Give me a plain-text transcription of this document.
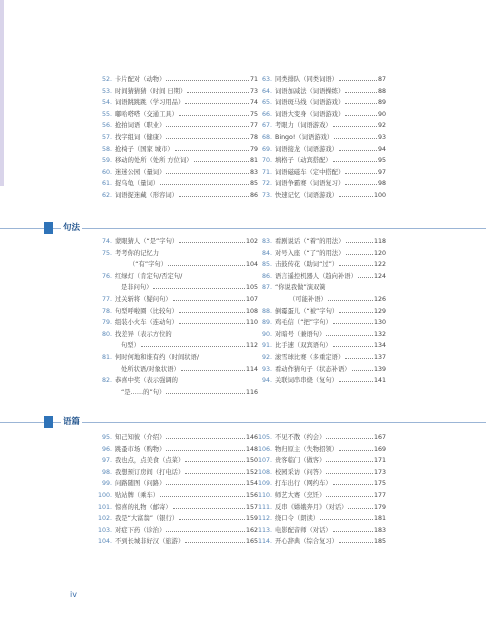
52. 卡片配对（动物）	71
53. 时间猜猜猜（时间 日期）	73
54. 词语跳跳跳（学习用品）	74
55. 嘟哈嗒嗒（交通工具）	75
56. 抢拍词语（职业）	77
57. 找字组词（健康）	78
58. 抢椅子（国家 城市）	79
59. 移动的处所（处所 方位词）	81
60. 迷迷公园（量词）	83
61. 捉乌龟（量词）	85
62. 词语捉迷藏（形容词）	86
63. 同类排队（同类词语）	87
64. 词语加减法（词语操练）	88
65. 词语斑马线（词语游戏）	89
66. 词语大变身（词语游戏）	90
67. 考眼力（词语游戏）	92
68. Bingo!（词语游戏）	93
69. 词语接龙（词语游戏）	94
70. 填格子（动宾搭配）	95
71. 词语磁磁车（定中搭配）	97
72. 词语争霸赛（词语复习）	98
73. 快速记忆（词语游戏）	100
句法
74. 蒙眼猜人（“是”字句）	102
75. 考考你的记忆力
（“有”字句）	104
76. 红绿灯（肯定句/否定句/
是非问句）	105
77. 过关斩将（疑问句）	107
78. 句型呼啦圈（比较句）	108
79. 组装小火车（连动句）	110
80. 找差异（表示方位的
句型）	112
81. 何时何地和谁有约（时间状语/
处所状语/对象状语）	114
82. 恭喜中奖（表示强调的
“是……的”句）	116
83. 看剧说话（“着”的用法）	118
84. 对号入座（“了”的用法）	120
85. 击鼓传花（助词“过”）	122
86. 语言遥控机器人（趋向补语）	124
87. “你说我做”演双簧
（可能补语）	126
88. 倒霉蛋儿（“被”字句）	129
89. 鸡毛信（“把”字句）	130
90. 对暗号（兼语句）	132
91. 比手速（双宾语句）	134
92. 滚雪球比赛（多重定语）	137
93. 看动作猜句子（状态补语）	139
94. 关联词串串烧（复句）	141
语篇
95. 知己知彼（介绍）	146
96. 跳蚤市场（购物）	148
97. 我也点，点美食（点菜）	150
98. 我想预订房间（打电话）	152
99. 问路随图（问路）	154
100. 贴站牌（乘车）	156
101. 惊喜的礼物（邮寄）	157
102. 我是“大富翁”（银行）	159
103. 对症下药（诊治）	162
104. 不到长城非好汉（旅游）	165
105. 不见不散（约会）	167
106. 物归原主（失物招领）	169
107. 贵客临门（做客）	171
108. 校园采访（问答）	173
109. 打车出行（网约车）	175
110. 师艺大赛（烹饪）	177
111. 反串《嫦娥奔月》（对话）	179
112. 绕口令（朗读）	181
113. 电影配音师（对话）	183
114. 开心辞典（综合复习）	185
iv
